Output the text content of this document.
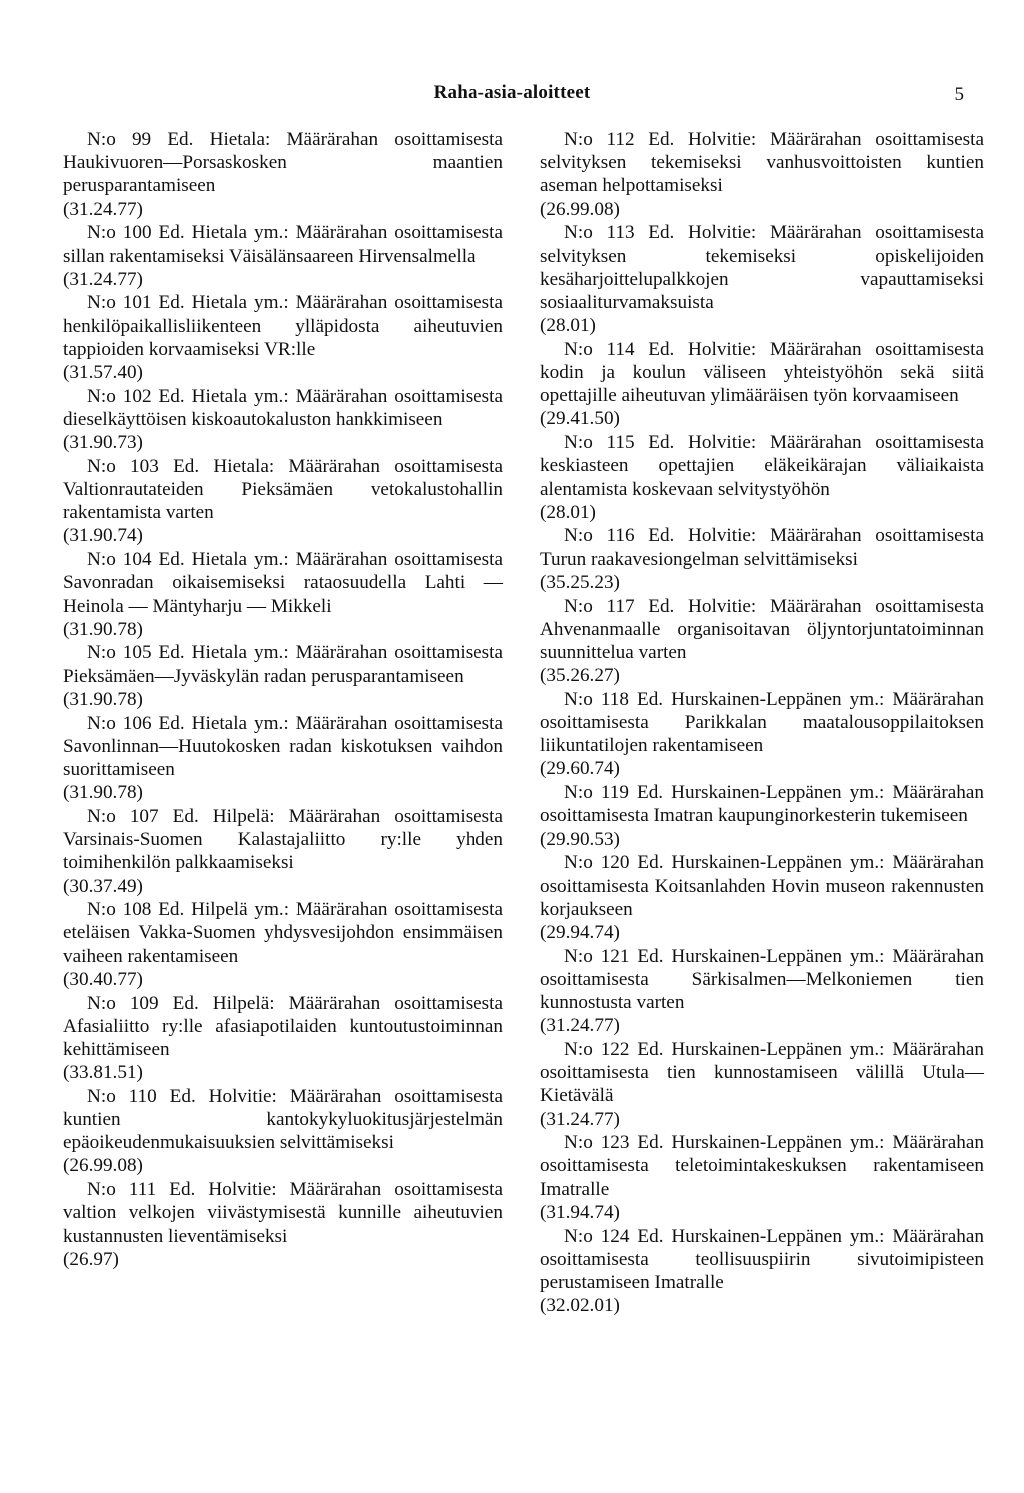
Raha-asia-aloitteet	5
N:o 99 Ed. Hietala: Määrärahan osoittamisesta Haukivuoren—Porsaskosken maantien perusparantamiseen
(31.24.77)
N:o 100 Ed. Hietala ym.: Määrärahan osoittamisesta sillan rakentamiseksi Väisälänsaareen Hirvensalmella
(31.24.77)
N:o 101 Ed. Hietala ym.: Määrärahan osoittamisesta henkilöpaikallisliikenteen ylläpidosta aiheutuvien tappioiden korvaamiseksi VR:lle
(31.57.40)
N:o 102 Ed. Hietala ym.: Määrärahan osoittamisesta dieselkäyttöisen kiskoautokaluston hankkimiseen
(31.90.73)
N:o 103 Ed. Hietala: Määrärahan osoittamisesta Valtionrautateiden Pieksämäen vetokalustohallin rakentamista varten
(31.90.74)
N:o 104 Ed. Hietala ym.: Määrärahan osoittamisesta Savonradan oikaisemiseksi rataosuudella Lahti — Heinola — Mäntyharju — Mikkeli
(31.90.78)
N:o 105 Ed. Hietala ym.: Määrärahan osoittamisesta Pieksämäen—Jyväskylän radan perusparantamiseen
(31.90.78)
N:o 106 Ed. Hietala ym.: Määrärahan osoittamisesta Savonlinnan—Huutokosken radan kiskotuksen vaihdon suorittamiseen
(31.90.78)
N:o 107 Ed. Hilpelä: Määrärahan osoittamisesta Varsinais-Suomen Kalastajaliitto ry:lle yhden toimihenkilön palkkaamiseksi
(30.37.49)
N:o 108 Ed. Hilpelä ym.: Määrärahan osoittamisesta eteläisen Vakka-Suomen yhdysvesijohdon ensimmäisen vaiheen rakentamiseen
(30.40.77)
N:o 109 Ed. Hilpelä: Määrärahan osoittamisesta Afasialiitto ry:lle afasiapotilaiden kuntoutustoiminnan kehittämiseen
(33.81.51)
N:o 110 Ed. Holvitie: Määrärahan osoittamisesta kuntien kantokykyluokitusjärjestelmän epäoikeudenmukaisuuksien selvittämiseksi
(26.99.08)
N:o 111 Ed. Holvitie: Määrärahan osoittamisesta valtion velkojen viivästymisestä kunnille aiheutuvien kustannusten lieventämiseksi
(26.97)
N:o 112 Ed. Holvitie: Määrärahan osoittamisesta selvityksen tekemiseksi vanhusvoittoisten kuntien aseman helpottamiseksi
(26.99.08)
N:o 113 Ed. Holvitie: Määrärahan osoittamisesta selvityksen tekemiseksi opiskelijoiden kesäharjoittelupalkkojen vapauttamiseksi sosiaaliturvamaksuista
(28.01)
N:o 114 Ed. Holvitie: Määrärahan osoittamisesta kodin ja koulun väliseen yhteistyöhön sekä siitä opettajille aiheutuvan ylimääräisen työn korvaamiseen
(29.41.50)
N:o 115 Ed. Holvitie: Määrärahan osoittamisesta keskiasteen opettajien eläkeikärajan väliaikaista alentamista koskevaan selvitystyöhön
(28.01)
N:o 116 Ed. Holvitie: Määrärahan osoittamisesta Turun raakavesiongelman selvittämiseksi
(35.25.23)
N:o 117 Ed. Holvitie: Määrärahan osoittamisesta Ahvenanmaalle organisoitavan öljyntorjuntatoiminnan suunnittelua varten
(35.26.27)
N:o 118 Ed. Hurskainen-Leppänen ym.: Määrärahan osoittamisesta Parikkalan maatalousoppilaitoksen liikuntatilojen rakentamiseen
(29.60.74)
N:o 119 Ed. Hurskainen-Leppänen ym.: Määrärahan osoittamisesta Imatran kaupunginorkesterin tukemiseen
(29.90.53)
N:o 120 Ed. Hurskainen-Leppänen ym.: Määrärahan osoittamisesta Koitsanlahden Hovin museon rakennusten korjaukseen
(29.94.74)
N:o 121 Ed. Hurskainen-Leppänen ym.: Määrärahan osoittamisesta Särkisalmen—Melkoniemen tien kunnostusta varten
(31.24.77)
N:o 122 Ed. Hurskainen-Leppänen ym.: Määrärahan osoittamisesta tien kunnostamiseen välillä Utula—Kietävälä
(31.24.77)
N:o 123 Ed. Hurskainen-Leppänen ym.: Määrärahan osoittamisesta teletoimintakeskuksen rakentamiseen Imatralle
(31.94.74)
N:o 124 Ed. Hurskainen-Leppänen ym.: Määrärahan osoittamisesta teollisuuspiirin sivutoimipisteen perustamiseen Imatralle
(32.02.01)
